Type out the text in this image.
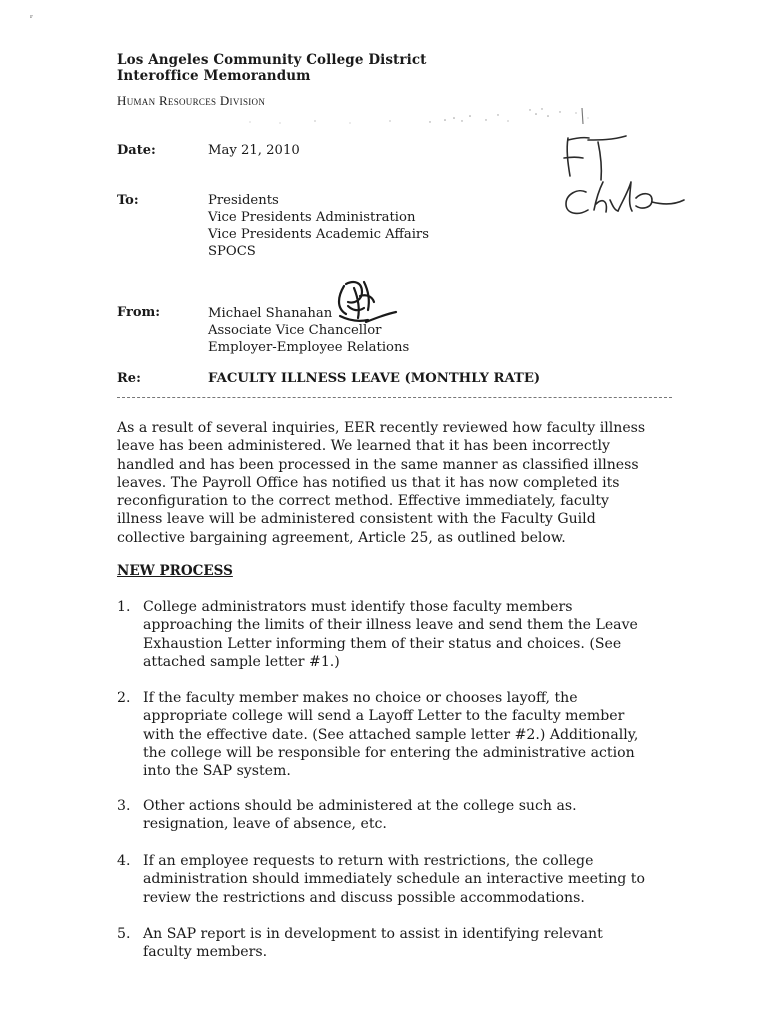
ʳ
Los Angeles Community College District
Interoffice Memorandum
Human Resources Division
Date:	May 21, 2010
To:	Presidents
Vice Presidents Administration
Vice Presidents Academic Affairs
SPOCS
From:	Michael Shanahan
Associate Vice Chancellor
Employer-Employee Relations
Re:	FACULTY ILLNESS LEAVE (MONTHLY RATE)
As a result of several inquiries, EER recently reviewed how faculty illness
leave has been administered. We learned that it has been incorrectly
handled and has been processed in the same manner as classified illness
leaves. The Payroll Office has notified us that it has now completed its
reconfiguration to the correct method. Effective immediately, faculty
illness leave will be administered consistent with the Faculty Guild
collective bargaining agreement, Article 25, as outlined below.
NEW PROCESS
1. College administrators must identify those faculty members
approaching the limits of their illness leave and send them the Leave
Exhaustion Letter informing them of their status and choices. (See
attached sample letter #1.)
2. If the faculty member makes no choice or chooses layoff, the
appropriate college will send a Layoff Letter to the faculty member
with the effective date. (See attached sample letter #2.) Additionally,
the college will be responsible for entering the administrative action
into the SAP system.
3. Other actions should be administered at the college such as.
resignation, leave of absence, etc.
4. If an employee requests to return with restrictions, the college
administration should immediately schedule an interactive meeting to
review the restrictions and discuss possible accommodations.
5. An SAP report is in development to assist in identifying relevant
faculty members.
